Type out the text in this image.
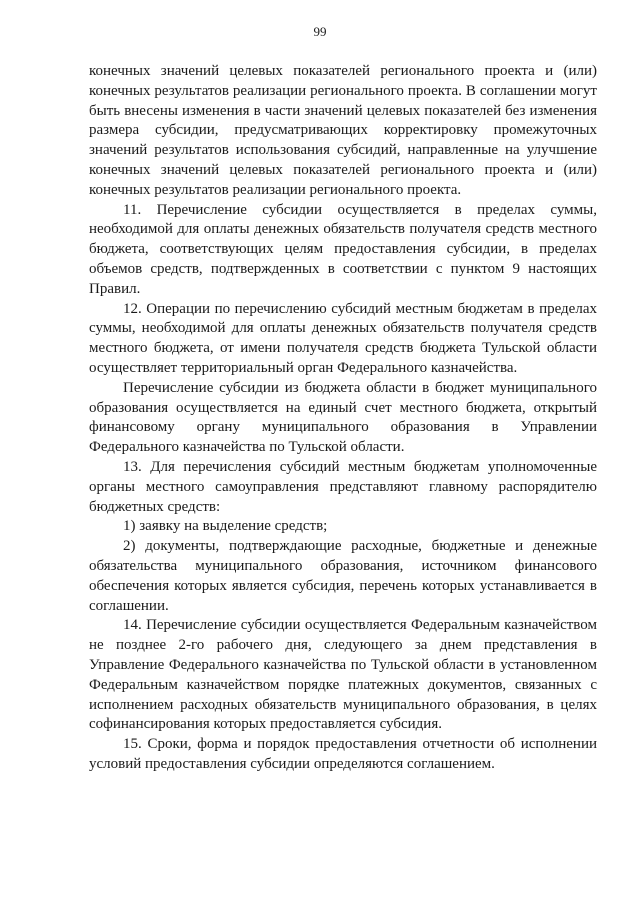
99

конечных значений целевых показателей регионального проекта и (или) конечных результатов реализации регионального проекта. В соглашении могут быть внесены изменения в части значений целевых показателей без изменения размера субсидии, предусматривающих корректировку промежуточных значений результатов использования субсидий, направленные на улучшение конечных значений целевых показателей регионального проекта и (или) конечных результатов реализации регионального проекта.

11. Перечисление субсидии осуществляется в пределах суммы, необходимой для оплаты денежных обязательств получателя средств местного бюджета, соответствующих целям предоставления субсидии, в пределах объемов средств, подтвержденных в соответствии с пунктом 9 настоящих Правил.

12. Операции по перечислению субсидий местным бюджетам в пределах суммы, необходимой для оплаты денежных обязательств получателя средств местного бюджета, от имени получателя средств бюджета Тульской области осуществляет территориальный орган Федерального казначейства.

Перечисление субсидии из бюджета области в бюджет муниципального образования осуществляется на единый счет местного бюджета, открытый финансовому органу муниципального образования в Управлении Федерального казначейства по Тульской области.

13. Для перечисления субсидий местным бюджетам уполномоченные органы местного самоуправления представляют главному распорядителю бюджетных средств:

1) заявку на выделение средств;

2) документы, подтверждающие расходные, бюджетные и денежные обязательства муниципального образования, источником финансового обеспечения которых является субсидия, перечень которых устанавливается в соглашении.

14. Перечисление субсидии осуществляется Федеральным казначейством не позднее 2-го рабочего дня, следующего за днем представления в Управление Федерального казначейства по Тульской области в установленном Федеральным казначейством порядке платежных документов, связанных с исполнением расходных обязательств муниципального образования, в целях софинансирования которых предоставляется субсидия.

15. Сроки, форма и порядок предоставления отчетности об исполнении условий предоставления субсидии определяются соглашением.
